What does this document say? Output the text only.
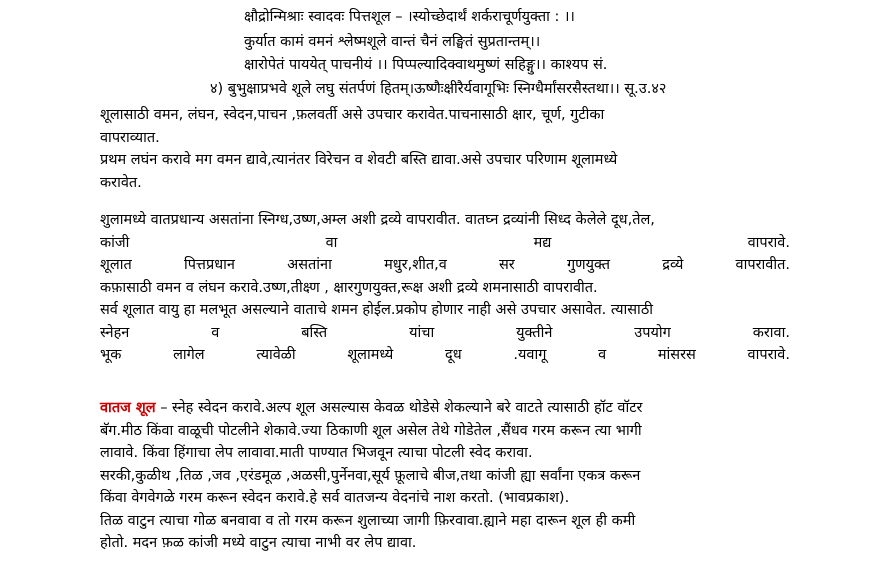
क्षौद्रोन्मिश्राः स्वादवः पित्तशूल – ।स्योच्छेदार्थं शर्कराचूर्णयुक्ता : ।।
कुर्यात कामं वमनं श्लेष्मशूले वान्तं चैनं लङ्घितं सुप्रतान्तम्।।
क्षारोपेतं पाययेत् पाचनीयं ।। पिप्पल्यादिक्वाथमुष्णं सहिङ्गु।। काश्यप सं.
४) बुभुक्षाप्रभवे शूले लघु संतर्पणं हितम्।ऊष्णैःक्षीरैर्यवागूभिः स्निग्धैर्मांसरसैस्तथा।। सू.उ.४२
शूलासाठी वमन, लंघन, स्वेदन,पाचन ,फ़लवर्ती असे उपचार करावेत.पाचनासाठी क्षार, चूर्ण, गुटीका
वापराव्यात.
प्रथम लघंन करावे मग वमन द्यावे,त्यानंतर विरेचन व शेवटी बस्ति द्यावा.असे उपचार परिणाम शूलामध्ये
करावेत.
शुलामध्ये वातप्रधान्य असतांना स्निग्ध,उष्ण,अम्ल अशी द्रव्ये वापरावीत. वातघ्न द्रव्यांनी सिध्द केलेले दूध,तेल,
कांजी	वा	मद्य	वापरावे.
शूलात	पित्तप्रधान	असतांना	मधुर,शीत,व	सर	गुणयुक्त	द्रव्ये	वापरावीत.
कफ़ासाठी वमन व लंघन करावे.उष्ण,तीक्ष्ण , क्षारगुणयुक्त,रूक्ष अशी द्रव्ये शमनासाठी वापरावीत.
सर्व शूलात वायु हा मलभूत असल्याने वाताचे शमन होईल.प्रकोप होणार नाही असे उपचार असावेत. त्यासाठी
स्नेहन	व	बस्ति	यांचा	युक्तीने	उपयोग	करावा.
भूक	लागेल	त्यावेळी	शूलामध्ये	दूध	.यवागू	व	मांसरस	वापरावे.
वातज शूल – स्नेह स्वेदन करावे.अल्प शूल असल्यास केवळ थोडेसे शेकल्याने बरे वाटते त्यासाठी हॉट वॉटर
बॅग.मीठ किंवा वाळूची पोटलीने शेकावे.ज्या ठिकाणी शूल असेल तेथे गोडेतेल ,सैंधव गरम करून त्या भागी
लावावे. किंवा हिंगाचा लेप लावावा.माती पाण्यात भिजवून त्याचा पोटली स्वेद करावा.
सरकी,कुळीथ ,तिळ ,जव ,एरंडमूळ ,अळसी,पुर्नेनवा,सूर्य फ़ूलाचे बीज,तथा कांजी ह्या सर्वांना एकत्र करून
किंवा वेगवेगळे गरम करून स्वेदन करावे.हे सर्व वातजन्य वेदनांचे नाश करतो. (भावप्रकाश).
तिळ वाटुन त्याचा गोळ बनवावा व तो गरम करून शुलाच्या जागी फ़िरवावा.ह्याने महा दारून शूल ही कमी
होतो. मदन फ़ळ कांजी मध्ये वाटुन त्याचा नाभी वर लेप द्यावा.
